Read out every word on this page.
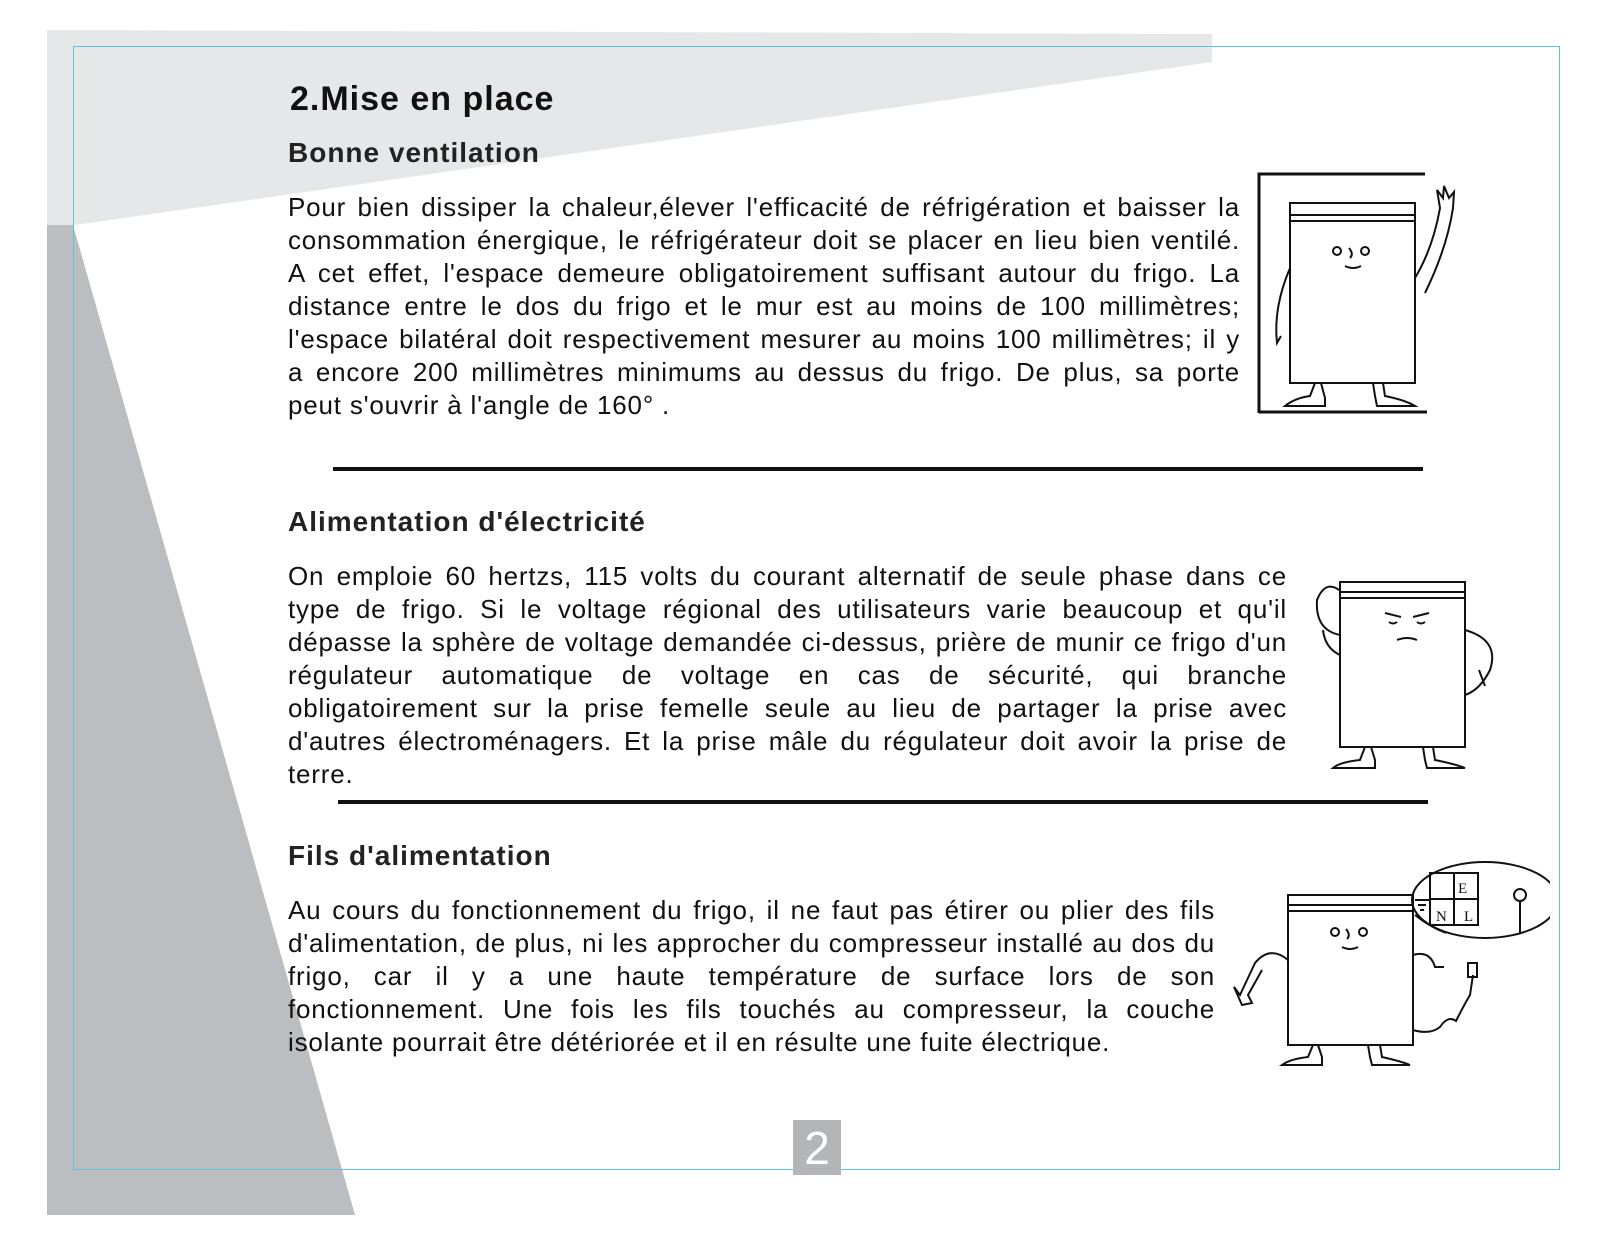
2.Mise en place
Bonne ventilation

Pour bien dissiper la chaleur,élever l'efficacité de réfrigération et baisser la consommation énergique, le réfrigérateur doit se placer en lieu bien ventilé. A cet effet, l'espace demeure obligatoirement suffisant autour du frigo. La distance entre le dos du frigo et le mur est au moins de 100 millimètres; l'espace bilatéral doit respectivement mesurer au moins 100 millimètres; il y a encore 200 millimètres minimums au dessus du frigo. De plus, sa porte peut s'ouvrir à l'angle de 160° .

Alimentation d'électricité

On emploie 60 hertzs, 115 volts du courant alternatif de seule phase dans ce type de frigo. Si le voltage régional des utilisateurs varie beaucoup et qu'il dépasse la sphère de voltage demandée ci-dessus, prière de munir ce frigo d'un régulateur automatique de voltage en cas de sécurité, qui branche obligatoirement sur la prise femelle seule au lieu de partager la prise avec d'autres électroménagers. Et la prise mâle du régulateur doit avoir la prise de terre.

Fils d'alimentation

Au cours du fonctionnement du frigo, il ne faut pas étirer ou plier des fils d'alimentation, de plus, ni les approcher du compresseur installé au dos du frigo, car il y a une haute température de surface lors de son fonctionnement. Une fois les fils touchés au compresseur, la couche isolante pourrait être détériorée et il en résulte une fuite électrique.

E
N L
2
